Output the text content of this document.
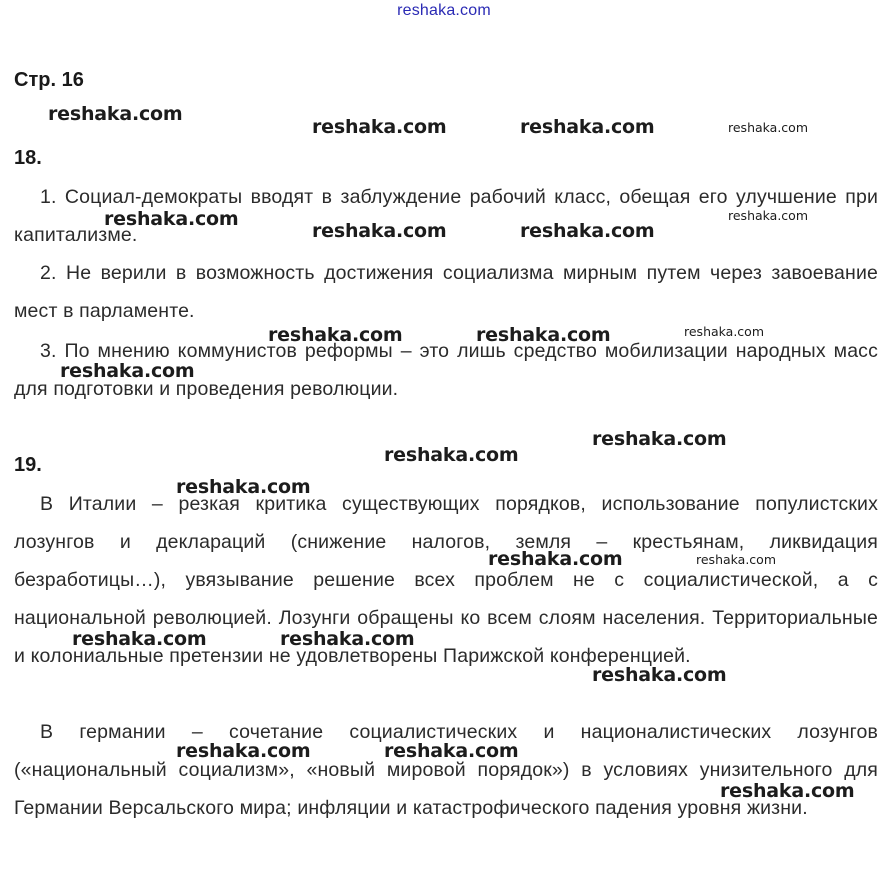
reshaka.com
Стр. 16
18.

1. Социал-демократы вводят в заблуждение рабочий класс, обещая его улучшение при капитализме.

2. Не верили в возможность достижения социализма мирным путем через завоевание мест в парламенте.

3. По мнению коммунистов реформы – это лишь средство мобилизации народных масс для подготовки и проведения революции.

19.

В Италии – резкая критика существующих порядков, использование популистских лозунгов и деклараций (снижение налогов, земля – крестьянам, ликвидация безработицы…), увязывание решение всех проблем не с социалистической, а с национальной революцией. Лозунги обращены ко всем слоям населения. Территориальные и колониальные претензии не удовлетворены Парижской конференцией.

В германии – сочетание социалистических и националистических лозунгов («национальный социализм», «новый мировой порядок») в условиях унизительного для Германии Версальского мира; инфляции и катастрофического падения уровня жизни.

reshaka.com
reshaka.com	reshaka.com	reshaka.com
reshaka.com	reshaka.com
reshaka.com	reshaka.com
reshaka.com	reshaka.com	reshaka.com
reshaka.com
reshaka.com
reshaka.com
reshaka.com
reshaka.com	reshaka.com
reshaka.com	reshaka.com
reshaka.com
reshaka.com	reshaka.com
reshaka.com
